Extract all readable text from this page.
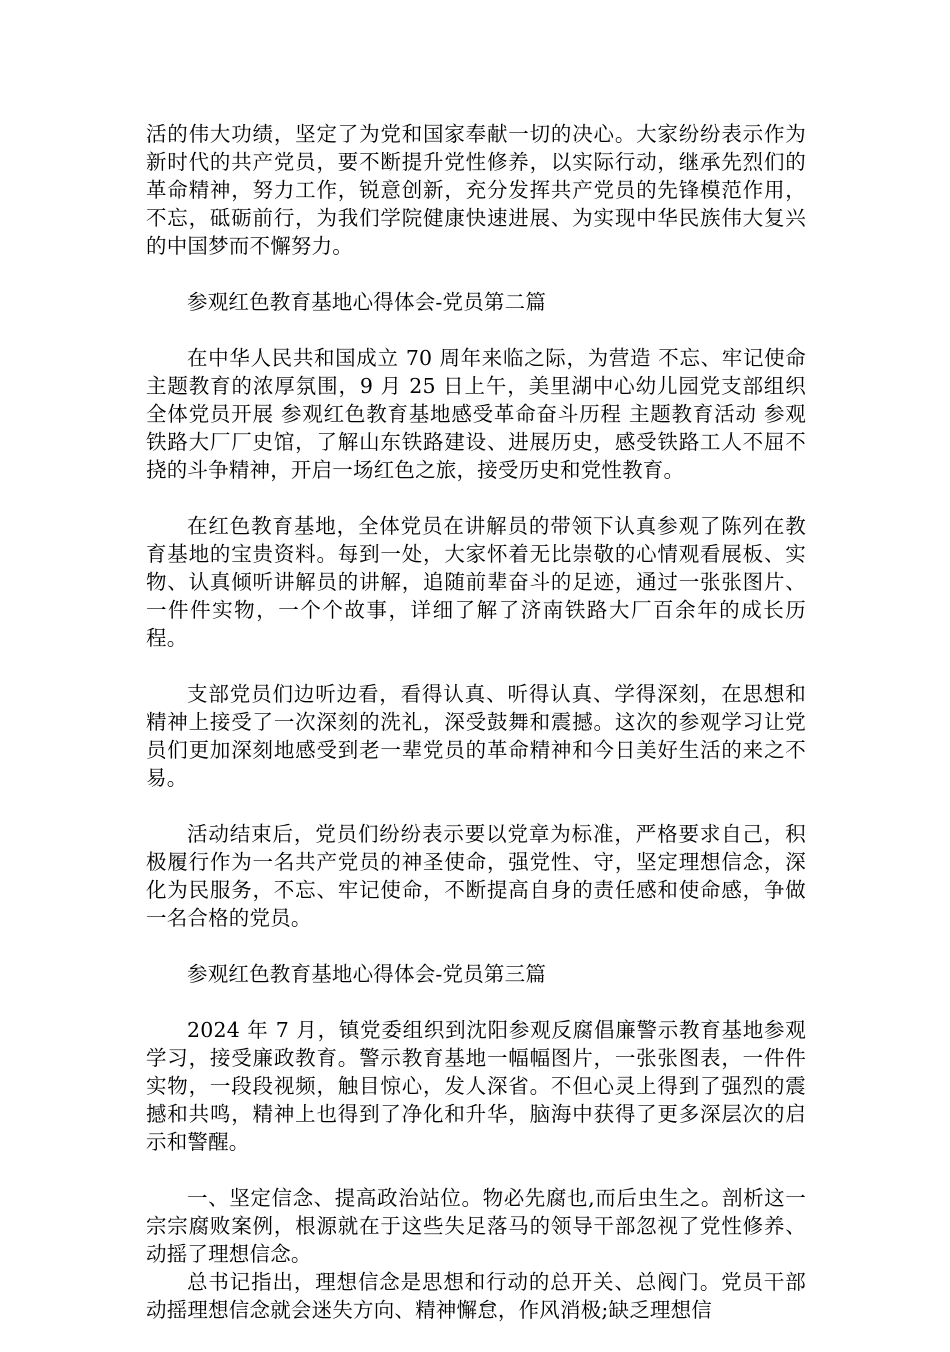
活的伟大功绩，坚定了为党和国家奉献一切的决心。大家纷纷表示作为新时代的共产党员，要不断提升党性修养，以实际行动，继承先烈们的革命精神，努力工作，锐意创新，充分发挥共产党员的先锋模范作用，不忘，砥砺前行，为我们学院健康快速进展、为实现中华民族伟大复兴的中国梦而不懈努力。

参观红色教育基地心得体会-党员第二篇

在中华人民共和国成立 70 周年来临之际，为营造 不忘、牢记使命 主题教育的浓厚氛围，9 月 25 日上午，美里湖中心幼儿园党支部组织全体党员开展 参观红色教育基地感受革命奋斗历程 主题教育活动 参观铁路大厂厂史馆，了解山东铁路建设、进展历史，感受铁路工人不屈不挠的斗争精神，开启一场红色之旅，接受历史和党性教育。

在红色教育基地，全体党员在讲解员的带领下认真参观了陈列在教育基地的宝贵资料。每到一处，大家怀着无比崇敬的心情观看展板、实物、认真倾听讲解员的讲解，追随前辈奋斗的足迹，通过一张张图片、一件件实物，一个个故事，详细了解了济南铁路大厂百余年的成长历程。

支部党员们边听边看，看得认真、听得认真、学得深刻，在思想和精神上接受了一次深刻的洗礼，深受鼓舞和震撼。这次的参观学习让党员们更加深刻地感受到老一辈党员的革命精神和今日美好生活的来之不易。

活动结束后，党员们纷纷表示要以党章为标准，严格要求自己，积极履行作为一名共产党员的神圣使命，强党性、守，坚定理想信念，深化为民服务，不忘、牢记使命，不断提高自身的责任感和使命感，争做一名合格的党员。

参观红色教育基地心得体会-党员第三篇

2024 年 7 月，镇党委组织到沈阳参观反腐倡廉警示教育基地参观学习，接受廉政教育。警示教育基地一幅幅图片，一张张图表，一件件实物，一段段视频，触目惊心，发人深省。不但心灵上得到了强烈的震撼和共鸣，精神上也得到了净化和升华，脑海中获得了更多深层次的启示和警醒。

一、坚定信念、提高政治站位。物必先腐也,而后虫生之。剖析这一宗宗腐败案例，根源就在于这些失足落马的领导干部忽视了党性修养、动摇了理想信念。

总书记指出，理想信念是思想和行动的总开关、总阀门。党员干部动摇理想信念就会迷失方向、精神懈怠，作风消极;缺乏理想信
